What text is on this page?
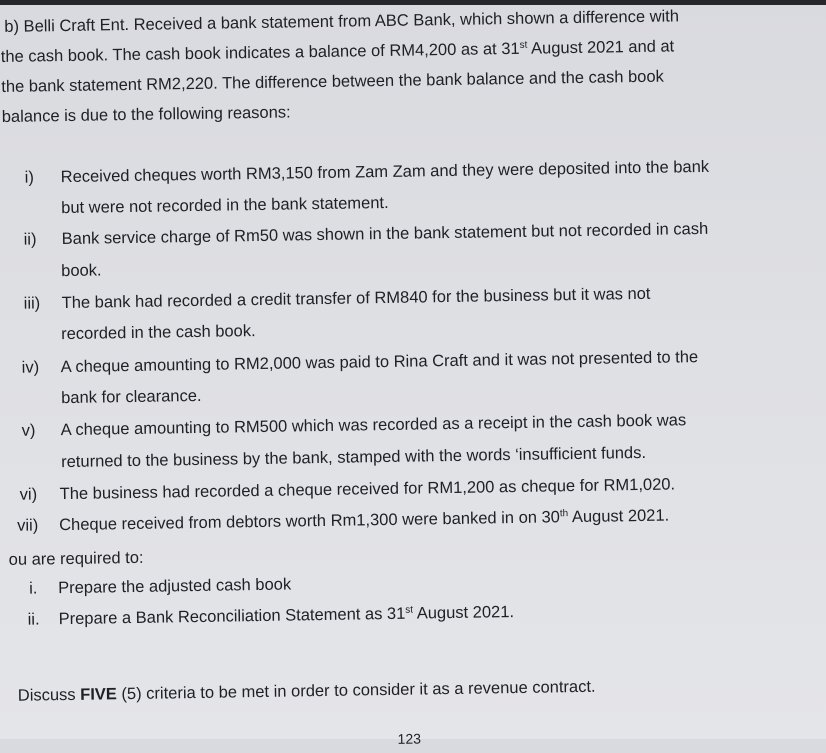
b) Belli Craft Ent. Received a bank statement from ABC Bank, which shown a difference with
the cash book. The cash book indicates a balance of RM4,200 as at 31st August 2021 and at
the bank statement RM2,220. The difference between the bank balance and the cash book
balance is due to the following reasons:
i) Received cheques worth RM3,150 from Zam Zam and they were deposited into the bank
but were not recorded in the bank statement.
ii) Bank service charge of Rm50 was shown in the bank statement but not recorded in cash
book.
iii) The bank had recorded a credit transfer of RM840 for the business but it was not
recorded in the cash book.
iv) A cheque amounting to RM2,000 was paid to Rina Craft and it was not presented to the
bank for clearance.
v) A cheque amounting to RM500 which was recorded as a receipt in the cash book was
returned to the business by the bank, stamped with the words ‘insufficient funds.
vi) The business had recorded a cheque received for RM1,200 as cheque for RM1,020.
vii) Cheque received from debtors worth Rm1,300 were banked in on 30th August 2021.
ou are required to:
i. Prepare the adjusted cash book
ii. Prepare a Bank Reconciliation Statement as 31st August 2021.
Discuss FIVE (5) criteria to be met in order to consider it as a revenue contract.
123
